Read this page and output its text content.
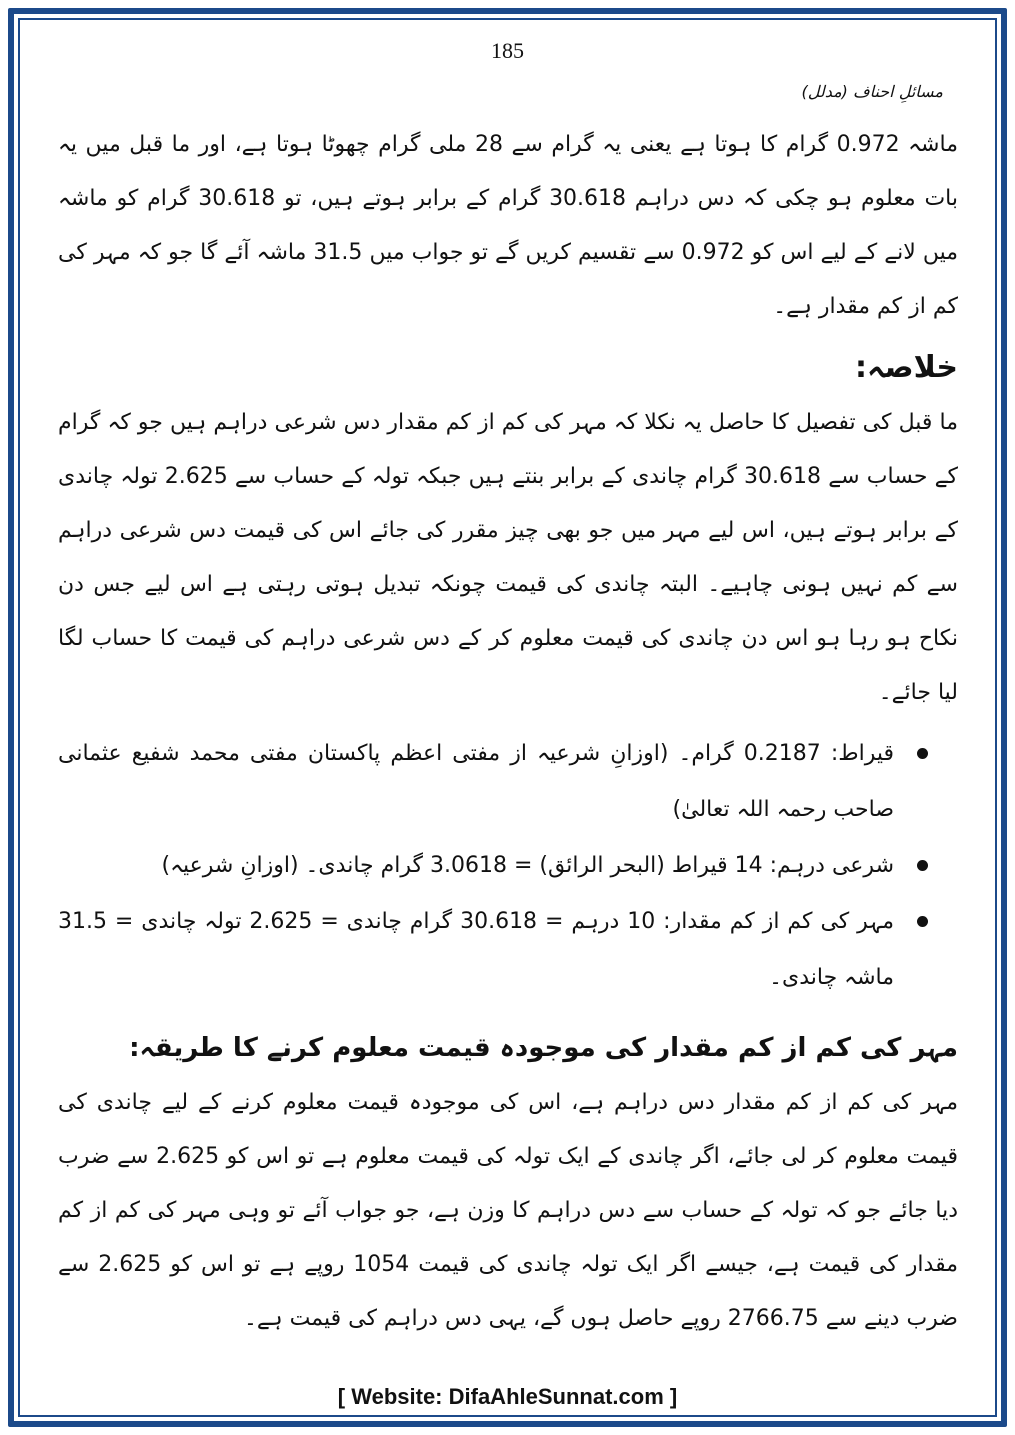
185
مسائلِ احناف (مدلل)

ماشہ 0.972 گرام کا ہوتا ہے یعنی یہ گرام سے 28 ملی گرام چھوٹا ہوتا ہے، اور ما قبل میں یہ بات معلوم ہو چکی کہ دس دراہم 30.618 گرام کے برابر ہوتے ہیں، تو 30.618 گرام کو ماشہ میں لانے کے لیے اس کو 0.972 سے تقسیم کریں گے تو جواب میں 31.5 ماشہ آئے گا جو کہ مہر کی کم از کم مقدار ہے۔

خلاصہ:

ما قبل کی تفصیل کا حاصل یہ نکلا کہ مہر کی کم از کم مقدار دس شرعی دراہم ہیں جو کہ گرام کے حساب سے 30.618 گرام چاندی کے برابر بنتے ہیں جبکہ تولہ کے حساب سے 2.625 تولہ چاندی کے برابر ہوتے ہیں، اس لیے مہر میں جو بھی چیز مقرر کی جائے اس کی قیمت دس شرعی دراہم سے کم نہیں ہونی چاہیے۔ البتہ چاندی کی قیمت چونکہ تبدیل ہوتی رہتی ہے اس لیے جس دن نکاح ہو رہا ہو اس دن چاندی کی قیمت معلوم کر کے دس شرعی دراہم کی قیمت کا حساب لگا لیا جائے۔

قیراط: 0.2187 گرام۔ (اوزانِ شرعیہ از مفتی اعظم پاکستان مفتی محمد شفیع عثمانی صاحب رحمہ اللہ تعالیٰ)
شرعی درہم: 14 قیراط (البحر الرائق) = 3.0618 گرام چاندی۔ (اوزانِ شرعیہ)
مہر کی کم از کم مقدار: 10 درہم = 30.618 گرام چاندی = 2.625 تولہ چاندی = 31.5 ماشہ چاندی۔
مہر کی کم از کم مقدار کی موجودہ قیمت معلوم کرنے کا طریقہ:

مہر کی کم از کم مقدار دس دراہم ہے، اس کی موجودہ قیمت معلوم کرنے کے لیے چاندی کی قیمت معلوم کر لی جائے، اگر چاندی کے ایک تولہ کی قیمت معلوم ہے تو اس کو 2.625 سے ضرب دیا جائے جو کہ تولہ کے حساب سے دس دراہم کا وزن ہے، جو جواب آئے تو وہی مہر کی کم از کم مقدار کی قیمت ہے، جیسے اگر ایک تولہ چاندی کی قیمت 1054 روپے ہے تو اس کو 2.625 سے ضرب دینے سے 2766.75 روپے حاصل ہوں گے، یہی دس دراہم کی قیمت ہے۔

[ Website: DifaAhleSunnat.com ]
